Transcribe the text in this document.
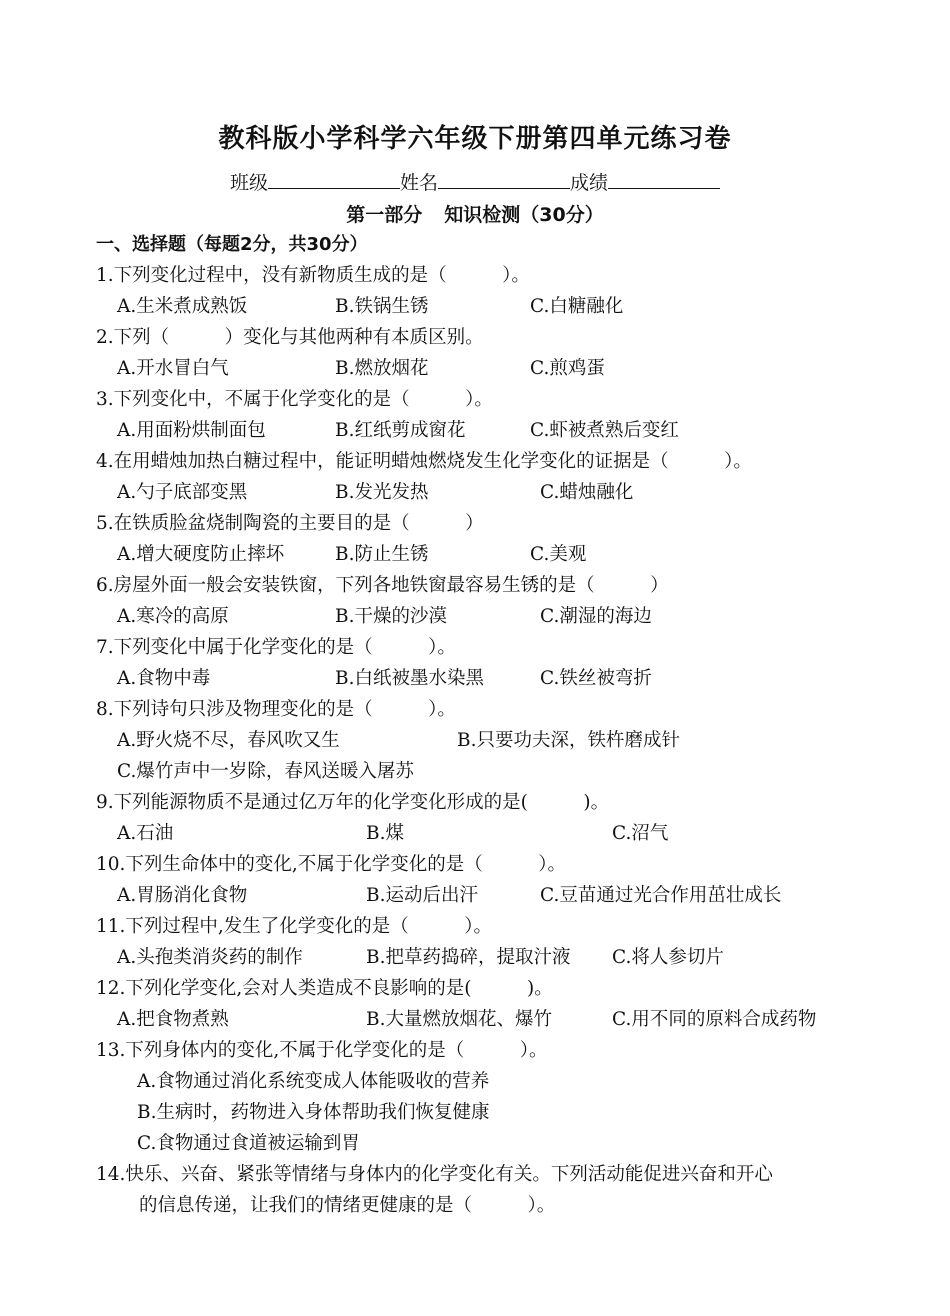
教科版小学科学六年级下册第四单元练习卷
班级	姓名	成绩
第一部分 知识检测（30分）
一、选择题（每题2分，共30分）
1.下列变化过程中，没有新物质生成的是（　　　）。
A.生米煮成熟饭	B.铁锅生锈	C.白糖融化
2.下列（　　　）变化与其他两种有本质区别。
A.开水冒白气	B.燃放烟花	C.煎鸡蛋
3.下列变化中，不属于化学变化的是（　　　）。
A.用面粉烘制面包	B.红纸剪成窗花	C.虾被煮熟后变红
4.在用蜡烛加热白糖过程中，能证明蜡烛燃烧发生化学变化的证据是（　　　）。
A.勺子底部变黑	B.发光发热	C.蜡烛融化
5.在铁质脸盆烧制陶瓷的主要目的是（　　　）
A.增大硬度防止摔坏	B.防止生锈	C.美观
6.房屋外面一般会安装铁窗，下列各地铁窗最容易生锈的是（　　　）
A.寒冷的高原	B.干燥的沙漠	C.潮湿的海边
7.下列变化中属于化学变化的是（　　　）。
A.食物中毒	B.白纸被墨水染黑	C.铁丝被弯折
8.下列诗句只涉及物理变化的是（　　　）。
A.野火烧不尽，春风吹又生	B.只要功夫深，铁杵磨成针
C.爆竹声中一岁除，春风送暖入屠苏
9.下列能源物质不是通过亿万年的化学变化形成的是(　　　)。
A.石油	B.煤	C.沼气
10.下列生命体中的变化,不属于化学变化的是（　　　）。
A.胃肠消化食物	B.运动后出汗	C.豆苗通过光合作用茁壮成长
11.下列过程中,发生了化学变化的是（　　　）。
A.头孢类消炎药的制作	B.把草药捣碎，提取汁液 C.将人参切片
12.下列化学变化,会对人类造成不良影响的是(　　　)。
A.把食物煮熟	B.大量燃放烟花、爆竹	C.用不同的原料合成药物
13.下列身体内的变化,不属于化学变化的是（　　　）。
A.食物通过消化系统变成人体能吸收的营养
B.生病时，药物进入身体帮助我们恢复健康
C.食物通过食道被运输到胃
14.快乐、兴奋、紧张等情绪与身体内的化学变化有关。下列活动能促进兴奋和开心
的信息传递，让我们的情绪更健康的是（　　　）。
